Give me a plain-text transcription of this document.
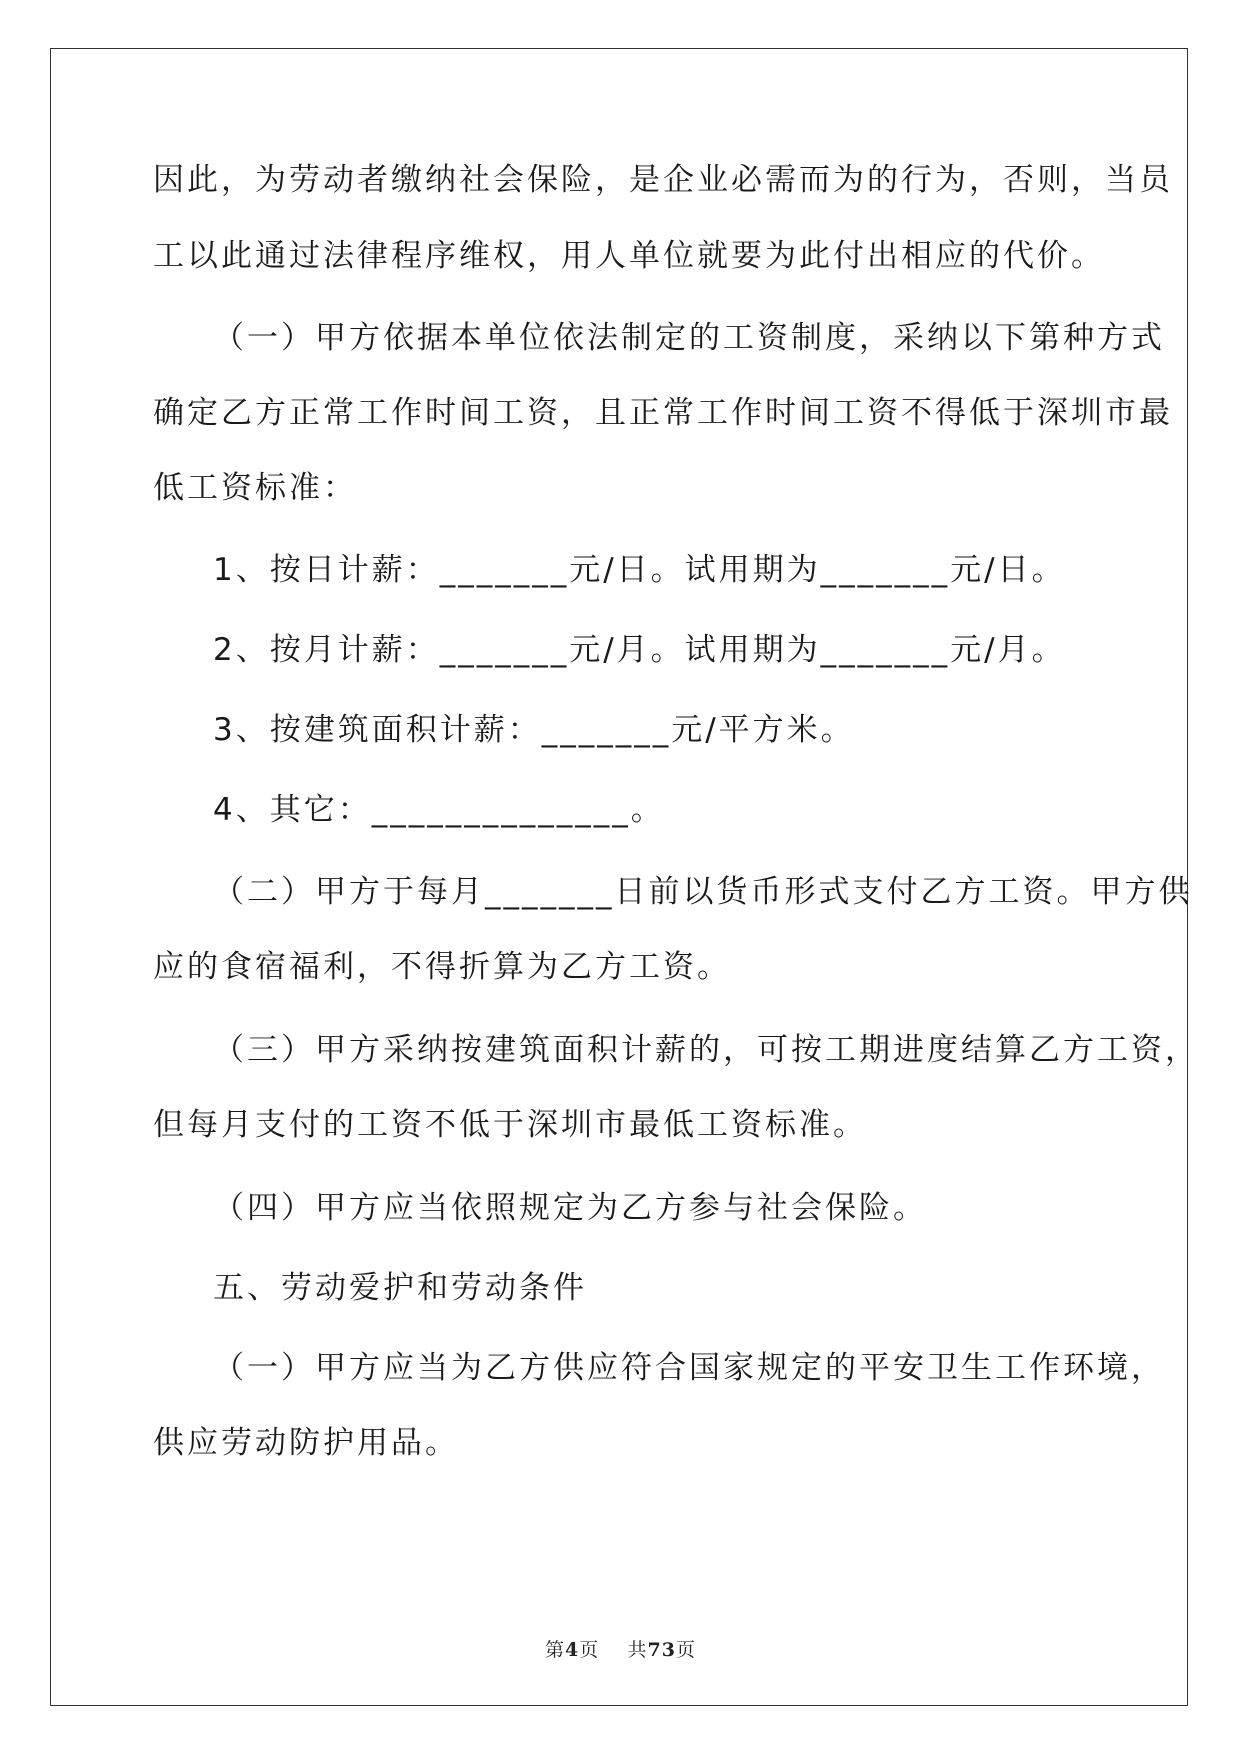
因此，为劳动者缴纳社会保险，是企业必需而为的行为，否则，当员
工以此通过法律程序维权，用人单位就要为此付出相应的代价。
（一）甲方依据本单位依法制定的工资制度，采纳以下第种方式
确定乙方正常工作时间工资，且正常工作时间工资不得低于深圳市最
低工资标准：
1、按日计薪：_______元/日。试用期为_______元/日。
2、按月计薪：_______元/月。试用期为_______元/月。
3、按建筑面积计薪：_______元/平方米。
4、其它：______________。
（二）甲方于每月_______日前以货币形式支付乙方工资。甲方供
应的食宿福利，不得折算为乙方工资。
（三）甲方采纳按建筑面积计薪的，可按工期进度结算乙方工资，
但每月支付的工资不低于深圳市最低工资标准。
（四）甲方应当依照规定为乙方参与社会保险。
五、劳动爱护和劳动条件
（一）甲方应当为乙方供应符合国家规定的平安卫生工作环境，
供应劳动防护用品。
第4页 共73页
